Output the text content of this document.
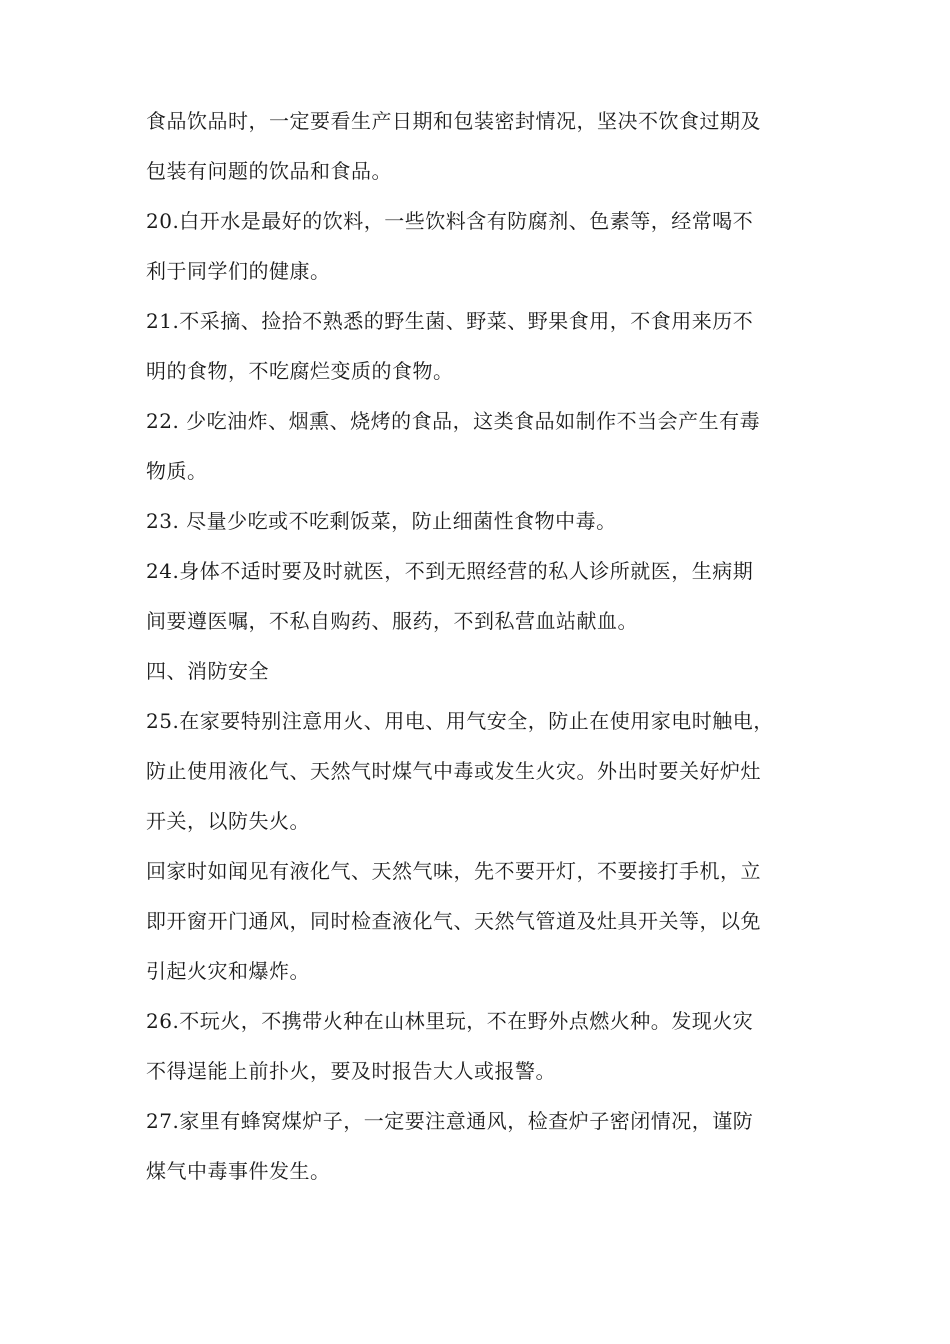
食品饮品时，一定要看生产日期和包装密封情况，坚决不饮食过期及
包装有问题的饮品和食品。
20.白开水是最好的饮料，一些饮料含有防腐剂、色素等，经常喝不
利于同学们的健康。
21.不采摘、捡拾不熟悉的野生菌、野菜、野果食用，不食用来历不
明的食物，不吃腐烂变质的食物。
22. 少吃油炸、烟熏、烧烤的食品，这类食品如制作不当会产生有毒
物质。
23. 尽量少吃或不吃剩饭菜，防止细菌性食物中毒。
24.身体不适时要及时就医，不到无照经营的私人诊所就医，生病期
间要遵医嘱，不私自购药、服药，不到私营血站献血。
四、消防安全
25.在家要特别注意用火、用电、用气安全，防止在使用家电时触电，
防止使用液化气、天然气时煤气中毒或发生火灾。外出时要关好炉灶
开关，以防失火。
回家时如闻见有液化气、天然气味，先不要开灯，不要接打手机，立
即开窗开门通风，同时检查液化气、天然气管道及灶具开关等，以免
引起火灾和爆炸。
26.不玩火，不携带火种在山林里玩，不在野外点燃火种。发现火灾
不得逞能上前扑火，要及时报告大人或报警。
27.家里有蜂窝煤炉子，一定要注意通风，检查炉子密闭情况，谨防
煤气中毒事件发生。
